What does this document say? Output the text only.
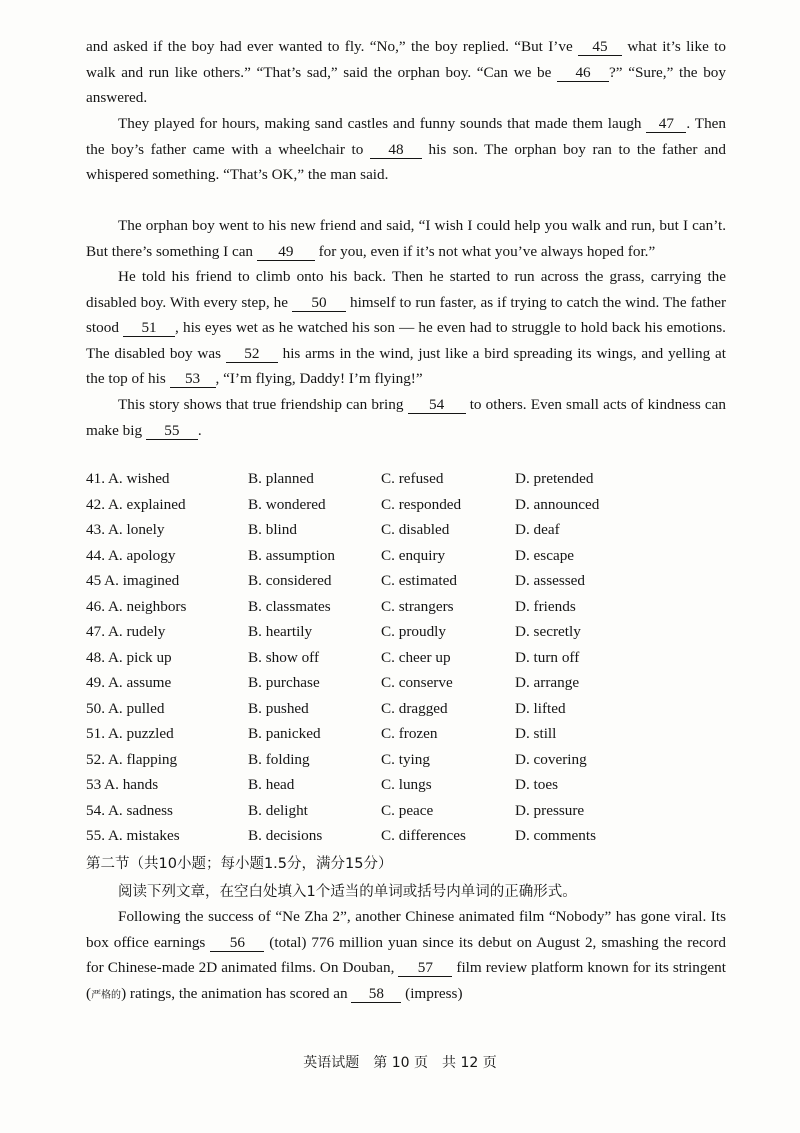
and asked if the boy had ever wanted to fly. “No,” the boy replied. “But I’ve 45 what it’s like to walk and run like others.” “That’s sad,” said the orphan boy. “Can we be 46 ?” “Sure,” the boy answered.

They played for hours, making sand castles and funny sounds that made them laugh 47 . Then the boy’s father came with a wheelchair to 48 his son. The orphan boy ran to the father and whispered something. “That’s OK,” the man said.

The orphan boy went to his new friend and said, “I wish I could help you walk and run, but I can’t. But there’s something I can 49 for you, even if it’s not what you’ve always hoped for.”

He told his friend to climb onto his back. Then he started to run across the grass, carrying the disabled boy. With every step, he 50 himself to run faster, as if trying to catch the wind. The father stood 51 , his eyes wet as he watched his son — he even had to struggle to hold back his emotions. The disabled boy was 52 his arms in the wind, just like a bird spreading its wings, and yelling at the top of his 53 , “I’m flying, Daddy! I’m flying!”

This story shows that true friendship can bring 54 to others. Even small acts of kindness can make big 55 .

41. A. wished	B. planned	C. refused	D. pretended
42. A. explained	B. wondered	C. responded	D. announced
43. A. lonely	B. blind	C. disabled	D. deaf
44. A. apology	B. assumption	C. enquiry	D. escape
45 A. imagined	B. considered	C. estimated	D. assessed
46. A. neighbors	B. classmates	C. strangers	D. friends
47. A. rudely	B. heartily	C. proudly	D. secretly
48. A. pick up	B. show off	C. cheer up	D. turn off
49. A. assume	B. purchase	C. conserve	D. arrange
50. A. pulled	B. pushed	C. dragged	D. lifted
51. A. puzzled	B. panicked	C. frozen	D. still
52. A. flapping	B. folding	C. tying	D. covering
53 A. hands	B. head	C. lungs	D. toes
54. A. sadness	B. delight	C. peace	D. pressure
55. A. mistakes	B. decisions	C. differences	D. comments
第二节（共10小题；每小题1.5分，满分15分）
阅读下列文章，在空白处填入1个适当的单词或括号内单词的正确形式。

Following the success of “Ne Zha 2”, another Chinese animated film “Nobody” has gone viral. Its box office earnings 56 (total) 776 million yuan since its debut on August 2, smashing the record for Chinese-made 2D animated films. On Douban, 57 film review platform known for its stringent (严格的) ratings, the animation has scored an 58 (impress)

英语试题　第 10 页　共 12 页
